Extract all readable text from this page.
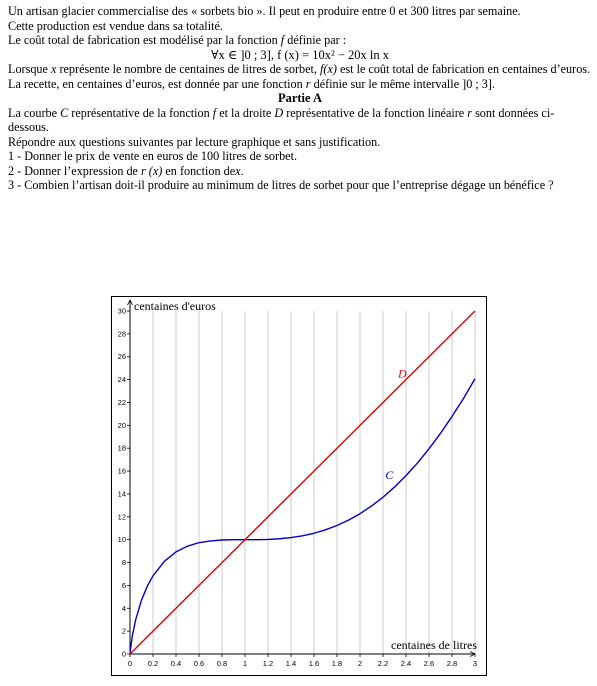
Un artisan glacier commercialise des « sorbets bio ». Il peut en produire entre 0 et 300 litres par semaine.

Cette production est vendue dans sa totalité.

Le coût total de fabrication est modélisé par la fonction f définie par :

∀x ∈ ]0 ; 3], f (x) = 10x² − 20x ln x

Lorsque x représente le nombre de centaines de litres de sorbet, f(x) est le coût total de fabrication en centaines d’euros. La recette, en centaines d’euros, est donnée par une fonction r définie sur le même intervalle ]0 ; 3].

Partie A

La courbe C représentative de la fonction f et la droite D représentative de la fonction linéaire r sont données ci-dessous.

Répondre aux questions suivantes par lecture graphique et sans justification.

1 - Donner le prix de vente en euros de 100 litres de sorbet.

2 - Donner l’expression de r (x) en fonction dex.

3 - Combien l’artisan doit-il produire au minimum de litres de sorbet pour que l’entreprise dégage un bénéfice ?

0 0.2 0.4 0.6 0.8 1 1.2 1.4 1.6 1.8 2 2.2 2.4 2.6 2.8 3
0
2
4
6
8
10
12
14
16
18
20
22
24
26
28
30 centaines d'euros
centaines de litres
C
D
